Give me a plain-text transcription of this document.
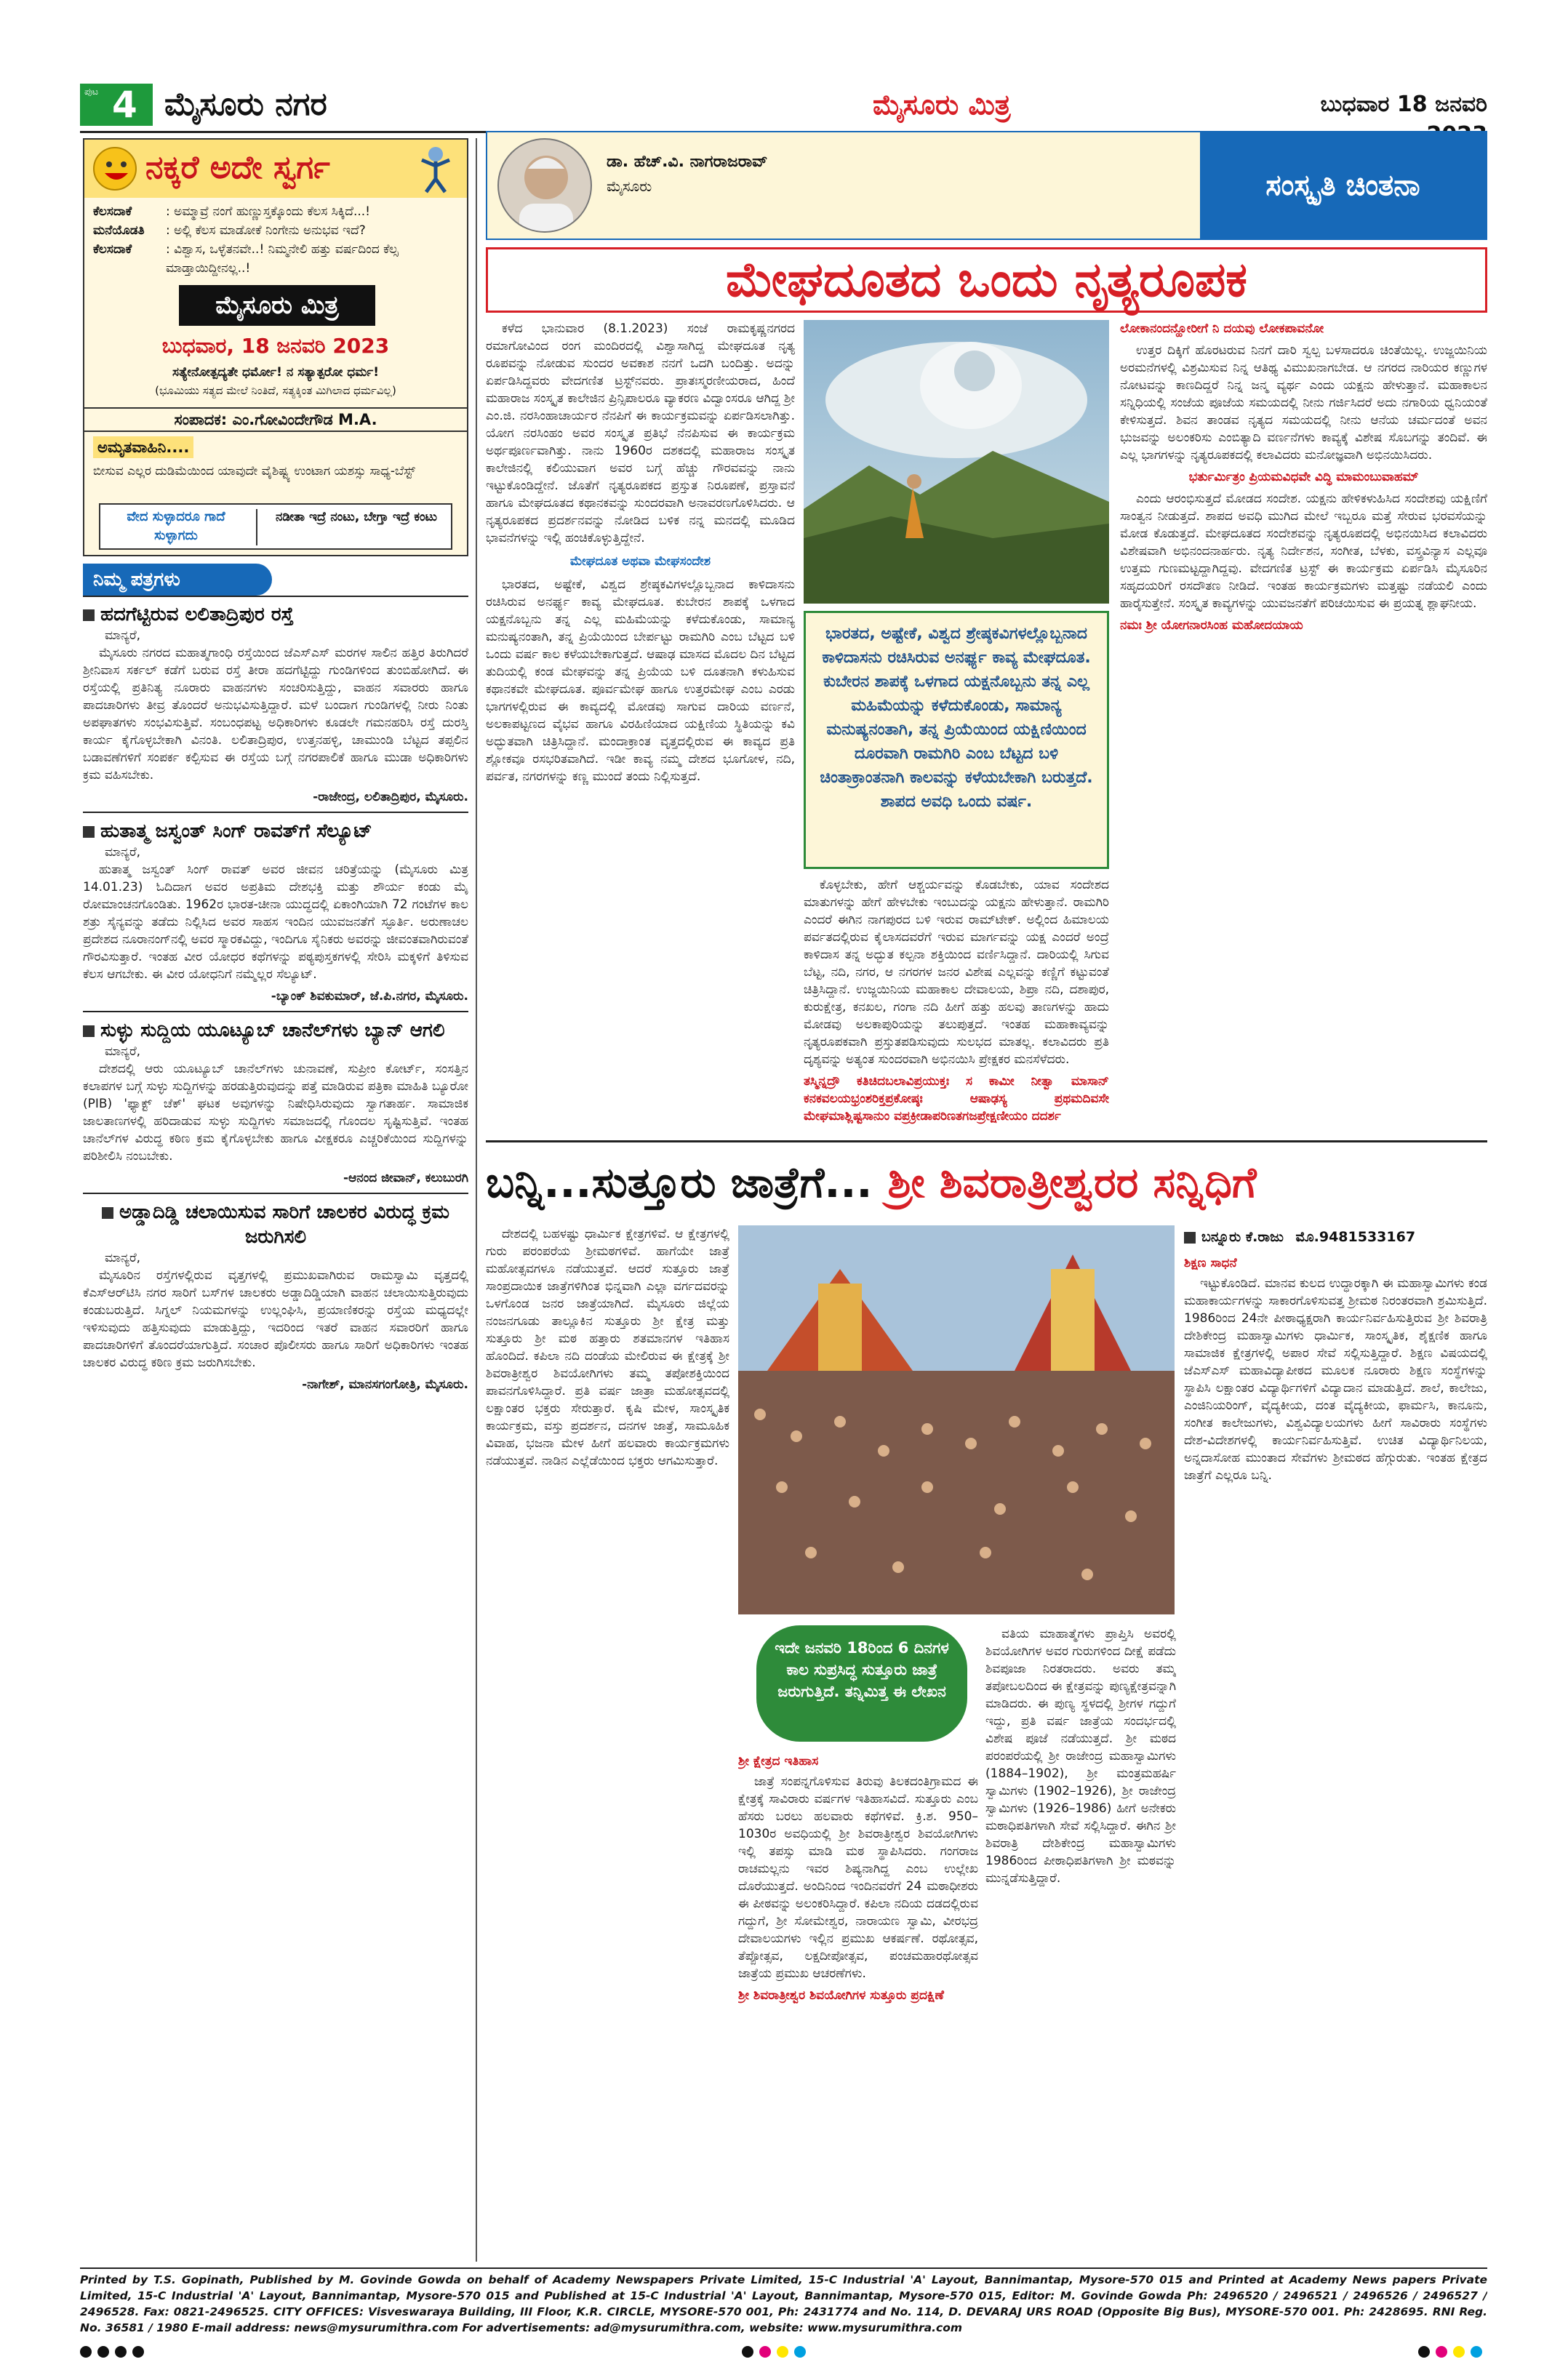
ಪುಟ 4 ಮೈಸೂರು ನಗರ	ಮೈಸೂರು ಮಿತ್ರ	ಬುಧವಾರ 18 ಜನವರಿ
ನಕ್ಕರೆ ಅದೇ ಸ್ವರ್ಗ
ಕೆಲಸದಾಕೆ	: ಅಮ್ಮಾವ್ರೆ ನಂಗೆ ಹುಣ್ಣುಸ್ತಕ್ಕೊಂದು ಕೆಲಸ ಸಿಕ್ಕಿದೆ...!
ಮನೆಯೊಡತಿ	: ಅಲ್ಲಿ ಕೆಲಸ ಮಾಡೋಕೆ ನಿಂಗೇನು ಅನುಭವ ಇದೆ?
ಕೆಲಸದಾಕೆ	: ವಿಶ್ವಾಸ, ಒಳ್ಳೆತನವೇ..! ನಿಮ್ಮನೇಲಿ ಹತ್ತು ವರ್ಷದಿಂದ ಕೆಲ್ಸ ಮಾಡ್ತಾಯಿದ್ದೀನಲ್ಲ..!
ಮೈಸೂರು ಮಿತ್ರ
ಬುಧವಾರ, 18 ಜನವರಿ 2023
ಸತ್ಯೇನೋತ್ಪದ್ಯತೇ ಧರ್ಮೋ! ನ ಸತ್ಯಾತ್ಪರೋ ಧರ್ಮ!
(ಭೂಮಿಯು ಸತ್ಯದ ಮೇಲೆ ನಿಂತಿದೆ, ಸತ್ಯಕ್ಕಿಂತ ಮಿಗಿಲಾದ ಧರ್ಮವಿಲ್ಲ)
ಸಂಪಾದಕ: ಎಂ.ಗೋವಿಂದೇಗೌಡ M.A.
ಅಮೃತವಾಹಿನಿ....
ಬೀಸುವ ಎಲ್ಲರ ದುಡಿಮೆಯಿಂದ ಯಾವುದೇ ವೈಶಿಷ್ಟ್ಯ ಉಂಟಾಗ ಯಶಸ್ಸು ಸಾಧ್ಯ-ಬೆಸ್ಟ್
ವೇದ ಸುಳ್ಳಾದರೂ ಗಾದೆ ಸುಳ್ಳಾಗದು
ನಡೀತಾ ಇದ್ರೆ ನಂಟು, ಬೇಗ್ತಾ ಇದ್ರೆ ಕಂಟು
ನಿಮ್ಮ ಪತ್ರಗಳು
ಹದಗೆಟ್ಟಿರುವ ಲಲಿತಾದ್ರಿಪುರ ರಸ್ತೆ
ಮಾನ್ಯರೆ,

ಮೈಸೂರು ನಗರದ ಮಹಾತ್ಮಗಾಂಧಿ ರಸ್ತೆಯಿಂದ ಜೆಎಸ್ಎಸ್ ಮರಗಳ ಸಾಲಿನ ಹತ್ತಿರ ತಿರುಗಿದರೆ ಶ್ರೀನಿವಾಸ ಸರ್ಕಲ್ ಕಡೆಗೆ ಬರುವ ರಸ್ತೆ ತೀರಾ ಹದಗೆಟ್ಟಿದ್ದು ಗುಂಡಿಗಳಿಂದ ತುಂಬಿಹೋಗಿದೆ. ಈ ರಸ್ತೆಯಲ್ಲಿ ಪ್ರತಿನಿತ್ಯ ನೂರಾರು ವಾಹನಗಳು ಸಂಚರಿಸುತ್ತಿದ್ದು, ವಾಹನ ಸವಾರರು ಹಾಗೂ ಪಾದಚಾರಿಗಳು ತೀವ್ರ ತೊಂದರೆ ಅನುಭವಿಸುತ್ತಿದ್ದಾರೆ. ಮಳೆ ಬಂದಾಗ ಗುಂಡಿಗಳಲ್ಲಿ ನೀರು ನಿಂತು ಅಪಘಾತಗಳು ಸಂಭವಿಸುತ್ತಿವೆ. ಸಂಬಂಧಪಟ್ಟ ಅಧಿಕಾರಿಗಳು ಕೂಡಲೇ ಗಮನಹರಿಸಿ ರಸ್ತೆ ದುರಸ್ತಿ ಕಾರ್ಯ ಕೈಗೊಳ್ಳಬೇಕಾಗಿ ವಿನಂತಿ. ಲಲಿತಾದ್ರಿಪುರ, ಉತ್ತನಹಳ್ಳಿ, ಚಾಮುಂಡಿ ಬೆಟ್ಟದ ತಪ್ಪಲಿನ ಬಡಾವಣೆಗಳಿಗೆ ಸಂಪರ್ಕ ಕಲ್ಪಿಸುವ ಈ ರಸ್ತೆಯ ಬಗ್ಗೆ ನಗರಪಾಲಿಕೆ ಹಾಗೂ ಮುಡಾ ಅಧಿಕಾರಿಗಳು ಕ್ರಮ ವಹಿಸಬೇಕು.

-ರಾಜೇಂದ್ರ, ಲಲಿತಾದ್ರಿಪುರ, ಮೈಸೂರು.
ಹುತಾತ್ಮ ಜಸ್ವಂತ್ ಸಿಂಗ್ ರಾವತ್‌ಗೆ ಸೆಲ್ಯೂಟ್
ಮಾನ್ಯರೆ,

ಹುತಾತ್ಮ ಜಸ್ವಂತ್ ಸಿಂಗ್ ರಾವತ್ ಅವರ ಜೀವನ ಚರಿತ್ರೆಯನ್ನು (ಮೈಸೂರು ಮಿತ್ರ 14.01.23) ಓದಿದಾಗ ಅವರ ಅಪ್ರತಿಮ ದೇಶಭಕ್ತಿ ಮತ್ತು ಶೌರ್ಯ ಕಂಡು ಮೈ ರೋಮಾಂಚನಗೊಂಡಿತು. 1962ರ ಭಾರತ-ಚೀನಾ ಯುದ್ಧದಲ್ಲಿ ಏಕಾಂಗಿಯಾಗಿ 72 ಗಂಟೆಗಳ ಕಾಲ ಶತ್ರು ಸೈನ್ಯವನ್ನು ತಡೆದು ನಿಲ್ಲಿಸಿದ ಅವರ ಸಾಹಸ ಇಂದಿನ ಯುವಜನತೆಗೆ ಸ್ಫೂರ್ತಿ. ಅರುಣಾಚಲ ಪ್ರದೇಶದ ನೂರಾನಂಗ್‌ನಲ್ಲಿ ಅವರ ಸ್ಮಾರಕವಿದ್ದು, ಇಂದಿಗೂ ಸೈನಿಕರು ಅವರನ್ನು ಜೀವಂತವಾಗಿರುವಂತೆ ಗೌರವಿಸುತ್ತಾರೆ. ಇಂತಹ ವೀರ ಯೋಧರ ಕಥೆಗಳನ್ನು ಪಠ್ಯಪುಸ್ತಕಗಳಲ್ಲಿ ಸೇರಿಸಿ ಮಕ್ಕಳಿಗೆ ತಿಳಿಸುವ ಕೆಲಸ ಆಗಬೇಕು. ಈ ವೀರ ಯೋಧನಿಗೆ ನಮ್ಮೆಲ್ಲರ ಸೆಲ್ಯೂಟ್.

-ಬ್ಯಾಂಕ್ ಶಿವಕುಮಾರ್, ಜೆ.ಪಿ.ನಗರ, ಮೈಸೂರು.
ಸುಳ್ಳು ಸುದ್ದಿಯ ಯೂಟ್ಯೂಬ್ ಚಾನೆಲ್‌ಗಳು ಬ್ಯಾನ್ ಆಗಲಿ
ಮಾನ್ಯರೆ,

ದೇಶದಲ್ಲಿ ಆರು ಯೂಟ್ಯೂಬ್ ಚಾನೆಲ್‌ಗಳು ಚುನಾವಣೆ, ಸುಪ್ರೀಂ ಕೋರ್ಟ್, ಸಂಸತ್ತಿನ ಕಲಾಪಗಳ ಬಗ್ಗೆ ಸುಳ್ಳು ಸುದ್ದಿಗಳನ್ನು ಹರಡುತ್ತಿರುವುದನ್ನು ಪತ್ತೆ ಮಾಡಿರುವ ಪತ್ರಿಕಾ ಮಾಹಿತಿ ಬ್ಯೂರೋ (PIB) 'ಫ್ಯಾಕ್ಟ್ ಚೆಕ್' ಘಟಕ ಅವುಗಳನ್ನು ನಿಷೇಧಿಸಿರುವುದು ಸ್ವಾಗತಾರ್ಹ. ಸಾಮಾಜಿಕ ಜಾಲತಾಣಗಳಲ್ಲಿ ಹರಿದಾಡುವ ಸುಳ್ಳು ಸುದ್ದಿಗಳು ಸಮಾಜದಲ್ಲಿ ಗೊಂದಲ ಸೃಷ್ಟಿಸುತ್ತಿವೆ. ಇಂತಹ ಚಾನೆಲ್‌ಗಳ ವಿರುದ್ಧ ಕಠಿಣ ಕ್ರಮ ಕೈಗೊಳ್ಳಬೇಕು ಹಾಗೂ ವೀಕ್ಷಕರೂ ಎಚ್ಚರಿಕೆಯಿಂದ ಸುದ್ದಿಗಳನ್ನು ಪರಿಶೀಲಿಸಿ ನಂಬಬೇಕು.

-ಆನಂದ ಜೀವಾನ್, ಕಲುಬುರಗಿ
ಅಡ್ಡಾದಿಡ್ಡಿ ಚಲಾಯಿಸುವ ಸಾರಿಗೆ ಚಾಲಕರ ವಿರುದ್ಧ ಕ್ರಮ ಜರುಗಿಸಲಿ
ಮಾನ್ಯರೆ,

ಮೈಸೂರಿನ ರಸ್ತೆಗಳಲ್ಲಿರುವ ವೃತ್ತಗಳಲ್ಲಿ ಪ್ರಮುಖವಾಗಿರುವ ರಾಮಸ್ವಾಮಿ ವೃತ್ತದಲ್ಲಿ ಕೆಎಸ್‌ಆರ್‌ಟಿಸಿ ನಗರ ಸಾರಿಗೆ ಬಸ್‌ಗಳ ಚಾಲಕರು ಅಡ್ಡಾದಿಡ್ಡಿಯಾಗಿ ವಾಹನ ಚಲಾಯಿಸುತ್ತಿರುವುದು ಕಂಡುಬರುತ್ತಿದೆ. ಸಿಗ್ನಲ್ ನಿಯಮಗಳನ್ನು ಉಲ್ಲಂಘಿಸಿ, ಪ್ರಯಾಣಿಕರನ್ನು ರಸ್ತೆಯ ಮಧ್ಯದಲ್ಲೇ ಇಳಿಸುವುದು ಹತ್ತಿಸುವುದು ಮಾಡುತ್ತಿದ್ದು, ಇದರಿಂದ ಇತರೆ ವಾಹನ ಸವಾರರಿಗೆ ಹಾಗೂ ಪಾದಚಾರಿಗಳಿಗೆ ತೊಂದರೆಯಾಗುತ್ತಿದೆ. ಸಂಚಾರ ಪೊಲೀಸರು ಹಾಗೂ ಸಾರಿಗೆ ಅಧಿಕಾರಿಗಳು ಇಂತಹ ಚಾಲಕರ ವಿರುದ್ಧ ಕಠಿಣ ಕ್ರಮ ಜರುಗಿಸಬೇಕು.

-ನಾಗೇಶ್, ಮಾನಸಗಂಗೋತ್ರಿ, ಮೈಸೂರು.
ಡಾ. ಹೆಚ್.ವಿ. ನಾಗರಾಜರಾವ್
ಮೈಸೂರು	ಸಂಸ್ಕೃತಿ ಚಿಂತನಾ
ಮೇಘದೂತದ ಒಂದು ನೃತ್ಯರೂಪಕ

ಕಳೆದ ಭಾನುವಾರ (8.1.2023) ಸಂಜೆ ರಾಮಕೃಷ್ಣನಗರದ ರಮಾಗೋವಿಂದ ರಂಗ ಮಂದಿರದಲ್ಲಿ ವಿಶ್ವಾಸಾಗಿದ್ದ ಮೇಘದೂತ ನೃತ್ಯ ರೂಪವನ್ನು ನೋಡುವ ಸುಂದರ ಅವಕಾಶ ನನಗೆ ಒದಗಿ ಬಂದಿತ್ತು. ಅದನ್ನು ಏರ್ಪಡಿಸಿದ್ದವರು ವೇದಗಣಿತ ಟ್ರಸ್ಟ್‌ನವರು. ಪ್ರಾತಃಸ್ಮರಣೀಯರಾದ, ಹಿಂದೆ ಮಹಾರಾಜ ಸಂಸ್ಕೃತ ಕಾಲೇಜಿನ ಪ್ರಿನ್ಸಿಪಾಲರೂ ವ್ಯಾಕರಣ ವಿದ್ವಾಂಸರೂ ಆಗಿದ್ದ ಶ್ರೀ ಎಂ.ಜಿ. ನರಸಿಂಹಾಚಾರ್ಯರ ನೆನಪಿಗೆ ಈ ಕಾರ್ಯಕ್ರಮವನ್ನು ಏರ್ಪಡಿಸಲಾಗಿತ್ತು. ಯೋಗ ನರಸಿಂಹಂ ಅವರ ಸಂಸ್ಕೃತ ಪ್ರತಿಭೆ ನೆನಪಿಸುವ ಈ ಕಾರ್ಯಕ್ರಮ ಅರ್ಥಪೂರ್ಣವಾಗಿತ್ತು. ನಾನು 1960ರ ದಶಕದಲ್ಲಿ ಮಹಾರಾಜ ಸಂಸ್ಕೃತ ಕಾಲೇಜಿನಲ್ಲಿ ಕಲಿಯುವಾಗ ಅವರ ಬಗ್ಗೆ ಹೆಚ್ಚು ಗೌರವವನ್ನು ನಾನು ಇಟ್ಟುಕೊಂಡಿದ್ದೇನೆ. ಜೊತೆಗೆ ನೃತ್ಯರೂಪಕದ ಪ್ರಸ್ತುತ ನಿರೂಪಣೆ, ಪ್ರಸ್ತಾವನೆ ಹಾಗೂ ಮೇಘದೂತದ ಕಥಾನಕವನ್ನು ಸುಂದರವಾಗಿ ಅನಾವರಣಗೊಳಿಸಿದರು. ಆ ನೃತ್ಯರೂಪಕದ ಪ್ರದರ್ಶನವನ್ನು ನೋಡಿದ ಬಳಿಕ ನನ್ನ ಮನದಲ್ಲಿ ಮೂಡಿದ ಭಾವನೆಗಳನ್ನು ಇಲ್ಲಿ ಹಂಚಿಕೊಳ್ಳುತ್ತಿದ್ದೇನೆ.

ಮೇಘದೂತ ಅಥವಾ ಮೇಘಸಂದೇಶ

ಭಾರತದ, ಅಷ್ಟೇಕೆ, ವಿಶ್ವದ ಶ್ರೇಷ್ಠಕವಿಗಳಲ್ಲೊಬ್ಬನಾದ ಕಾಳಿದಾಸನು ರಚಿಸಿರುವ ಅನರ್ಘ್ಯ ಕಾವ್ಯ ಮೇಘದೂತ. ಕುಬೇರನ ಶಾಪಕ್ಕೆ ಒಳಗಾದ ಯಕ್ಷನೊಬ್ಬನು ತನ್ನ ಎಲ್ಲ ಮಹಿಮೆಯನ್ನು ಕಳೆದುಕೊಂಡು, ಸಾಮಾನ್ಯ ಮನುಷ್ಯನಂತಾಗಿ, ತನ್ನ ಪ್ರಿಯೆಯಿಂದ ಬೇರ್ಪಟ್ಟು ರಾಮಗಿರಿ ಎಂಬ ಬೆಟ್ಟದ ಬಳಿ ಒಂದು ವರ್ಷ ಕಾಲ ಕಳೆಯಬೇಕಾಗುತ್ತದೆ. ಆಷಾಢ ಮಾಸದ ಮೊದಲ ದಿನ ಬೆಟ್ಟದ ತುದಿಯಲ್ಲಿ ಕಂಡ ಮೇಘವನ್ನು ತನ್ನ ಪ್ರಿಯೆಯ ಬಳಿ ದೂತನಾಗಿ ಕಳುಹಿಸುವ ಕಥಾನಕವೇ ಮೇಘದೂತ. ಪೂರ್ವಮೇಘ ಹಾಗೂ ಉತ್ತರಮೇಘ ಎಂಬ ಎರಡು ಭಾಗಗಳಲ್ಲಿರುವ ಈ ಕಾವ್ಯದಲ್ಲಿ ಮೋಡವು ಸಾಗುವ ದಾರಿಯ ವರ್ಣನೆ, ಅಲಕಾಪಟ್ಟಣದ ವೈಭವ ಹಾಗೂ ವಿರಹಿಣಿಯಾದ ಯಕ್ಷಿಣಿಯ ಸ್ಥಿತಿಯನ್ನು ಕವಿ ಅದ್ಭುತವಾಗಿ ಚಿತ್ರಿಸಿದ್ದಾನೆ. ಮಂದಾಕ್ರಾಂತ ವೃತ್ತದಲ್ಲಿರುವ ಈ ಕಾವ್ಯದ ಪ್ರತಿ ಶ್ಲೋಕವೂ ರಸಭರಿತವಾಗಿದೆ. ಇಡೀ ಕಾವ್ಯ ನಮ್ಮ ದೇಶದ ಭೂಗೋಳ, ನದಿ, ಪರ್ವತ, ನಗರಗಳನ್ನು ಕಣ್ಣ ಮುಂದೆ ತಂದು ನಿಲ್ಲಿಸುತ್ತದೆ.

ಭಾರತದ, ಅಷ್ಟೇಕೆ, ವಿಶ್ವದ ಶ್ರೇಷ್ಠಕವಿಗಳಲ್ಲೊಬ್ಬನಾದ ಕಾಳಿದಾಸನು ರಚಿಸಿರುವ ಅನರ್ಘ್ಯ ಕಾವ್ಯ ಮೇಘದೂತ. ಕುಬೇರನ ಶಾಪಕ್ಕೆ ಒಳಗಾದ ಯಕ್ಷನೊಬ್ಬನು ತನ್ನ ಎಲ್ಲ ಮಹಿಮೆಯನ್ನು ಕಳೆದುಕೊಂಡು, ಸಾಮಾನ್ಯ ಮನುಷ್ಯನಂತಾಗಿ, ತನ್ನ ಪ್ರಿಯೆಯಿಂದ ಯಕ್ಷಿಣಿಯಿಂದ ದೂರವಾಗಿ ರಾಮಗಿರಿ ಎಂಬ ಬೆಟ್ಟದ ಬಳಿ ಚಿಂತಾಕ್ರಾಂತನಾಗಿ ಕಾಲವನ್ನು ಕಳೆಯಬೇಕಾಗಿ ಬರುತ್ತದೆ. ಶಾಪದ ಅವಧಿ ಒಂದು ವರ್ಷ.

ಕೊಳ್ಳಬೇಕು, ಹೇಗೆ ಆಶ್ಚರ್ಯವನ್ನು ಕೊಡಬೇಕು, ಯಾವ ಸಂದೇಶದ ಮಾತುಗಳನ್ನು ಹೇಗೆ ಹೇಳಬೇಕು ಇಂಬುದನ್ನು ಯಕ್ಷನು ಹೇಳುತ್ತಾನೆ. ರಾಮಗಿರಿ ಎಂದರೆ ಈಗಿನ ನಾಗಪುರದ ಬಳಿ ಇರುವ ರಾಮ್‌ಟೇಕ್. ಅಲ್ಲಿಂದ ಹಿಮಾಲಯ ಪರ್ವತದಲ್ಲಿರುವ ಕೈಲಾಸದವರೆಗೆ ಇರುವ ಮಾರ್ಗವನ್ನು ಯಕ್ಷ ಎಂದರೆ ಅಂದ್ರೆ ಕಾಳಿದಾಸ ತನ್ನ ಅದ್ಭುತ ಕಲ್ಪನಾ ಶಕ್ತಿಯಿಂದ ವರ್ಣಿಸಿದ್ದಾನೆ. ದಾರಿಯಲ್ಲಿ ಸಿಗುವ ಬೆಟ್ಟ, ನದಿ, ನಗರ, ಆ ನಗರಗಳ ಜನರ ವಿಶೇಷ ಎಲ್ಲವನ್ನು ಕಣ್ಣಿಗೆ ಕಟ್ಟುವಂತೆ ಚಿತ್ರಿಸಿದ್ದಾನೆ. ಉಜ್ಜಯಿನಿಯ ಮಹಾಕಾಲ ದೇವಾಲಯ, ಶಿಪ್ರಾ ನದಿ, ದಶಾಪುರ, ಕುರುಕ್ಷೇತ್ರ, ಕನಖಲ, ಗಂಗಾ ನದಿ ಹೀಗೆ ಹತ್ತು ಹಲವು ತಾಣಗಳನ್ನು ಹಾದು ಮೋಡವು ಅಲಕಾಪುರಿಯನ್ನು ತಲುಪುತ್ತದೆ. ಇಂತಹ ಮಹಾಕಾವ್ಯವನ್ನು ನೃತ್ಯರೂಪಕವಾಗಿ ಪ್ರಸ್ತುತಪಡಿಸುವುದು ಸುಲಭದ ಮಾತಲ್ಲ. ಕಲಾವಿದರು ಪ್ರತಿ ದೃಶ್ಯವನ್ನು ಅತ್ಯಂತ ಸುಂದರವಾಗಿ ಅಭಿನಯಿಸಿ ಪ್ರೇಕ್ಷಕರ ಮನಸೆಳೆದರು.

ತಸ್ಮಿನ್ನದ್ರೌ ಕತಿಚಿದಬಲಾವಿಪ್ರಯುಕ್ತಃ ಸ ಕಾಮೀ ನೀತ್ವಾ ಮಾಸಾನ್ ಕನಕವಲಯಭ್ರಂಶರಿಕ್ತಪ್ರಕೋಷ್ಠಃ ಆಷಾಢಸ್ಯ ಪ್ರಥಮದಿವಸೇ ಮೇಘಮಾಶ್ಲಿಷ್ಟಸಾನುಂ ವಪ್ರಕ್ರೀಡಾಪರಿಣತಗಜಪ್ರೇಕ್ಷಣೀಯಂ ದದರ್ಶ
ಲೋಕಾನಂದನ್ಹೋರೀಗೆ ನಿ ದಯವು ಲೋಕಪಾವನೋ

ಉತ್ತರ ದಿಕ್ಕಿಗೆ ಹೊರಟರುವ ನಿನಗೆ ದಾರಿ ಸ್ವಲ್ಪ ಬಳಸಾದರೂ ಚಿಂತೆಯಿಲ್ಲ. ಉಜ್ಜಯಿನಿಯ ಅರಮನೆಗಳಲ್ಲಿ ವಿಶ್ರಮಿಸುವ ನಿನ್ನ ಆತಿಥ್ಯ ವಿಮುಖನಾಗಬೇಡ. ಆ ನಗರದ ನಾರಿಯರ ಕಣ್ಣುಗಳ ನೋಟವನ್ನು ಕಾಣದಿದ್ದರೆ ನಿನ್ನ ಜನ್ಮ ವ್ಯರ್ಥ ಎಂದು ಯಕ್ಷನು ಹೇಳುತ್ತಾನೆ. ಮಹಾಕಾಲನ ಸನ್ನಿಧಿಯಲ್ಲಿ ಸಂಜೆಯ ಪೂಜೆಯ ಸಮಯದಲ್ಲಿ ನೀನು ಗರ್ಜಿಸಿದರೆ ಅದು ನಗಾರಿಯ ಧ್ವನಿಯಂತೆ ಕೇಳಿಸುತ್ತದೆ. ಶಿವನ ತಾಂಡವ ನೃತ್ಯದ ಸಮಯದಲ್ಲಿ ನೀನು ಆನೆಯ ಚರ್ಮದಂತೆ ಅವನ ಭುಜವನ್ನು ಅಲಂಕರಿಸು ಎಂಬಿತ್ಯಾದಿ ವರ್ಣನೆಗಳು ಕಾವ್ಯಕ್ಕೆ ವಿಶೇಷ ಸೊಬಗನ್ನು ತಂದಿವೆ. ಈ ಎಲ್ಲ ಭಾಗಗಳನ್ನು ನೃತ್ಯರೂಪಕದಲ್ಲಿ ಕಲಾವಿದರು ಮನೋಜ್ಞವಾಗಿ ಅಭಿನಯಿಸಿದರು.

ಭರ್ತುರ್ಮಿತ್ರಂ ಪ್ರಿಯಮವಿಧವೇ ವಿದ್ಧಿ ಮಾಮಂಬುವಾಹಮ್

ಎಂದು ಆರಂಭಿಸುತ್ತದೆ ಮೋಡದ ಸಂದೇಶ. ಯಕ್ಷನು ಹೇಳಿಕಳುಹಿಸಿದ ಸಂದೇಶವು ಯಕ್ಷಿಣಿಗೆ ಸಾಂತ್ವನ ನೀಡುತ್ತದೆ. ಶಾಪದ ಅವಧಿ ಮುಗಿದ ಮೇಲೆ ಇಬ್ಬರೂ ಮತ್ತೆ ಸೇರುವ ಭರವಸೆಯನ್ನು ಮೋಡ ಕೊಡುತ್ತದೆ. ಮೇಘದೂತದ ಸಂದೇಶವನ್ನು ನೃತ್ಯರೂಪದಲ್ಲಿ ಅಭಿನಯಿಸಿದ ಕಲಾವಿದರು ವಿಶೇಷವಾಗಿ ಅಭಿನಂದನಾರ್ಹರು. ನೃತ್ಯ ನಿರ್ದೇಶನ, ಸಂಗೀತ, ಬೆಳಕು, ವಸ್ತ್ರವಿನ್ಯಾಸ ಎಲ್ಲವೂ ಉತ್ತಮ ಗುಣಮಟ್ಟದ್ದಾಗಿದ್ದವು. ವೇದಗಣಿತ ಟ್ರಸ್ಟ್ ಈ ಕಾರ್ಯಕ್ರಮ ಏರ್ಪಡಿಸಿ ಮೈಸೂರಿನ ಸಹೃದಯರಿಗೆ ರಸದೌತಣ ನೀಡಿದೆ. ಇಂತಹ ಕಾರ್ಯಕ್ರಮಗಳು ಮತ್ತಷ್ಟು ನಡೆಯಲಿ ಎಂದು ಹಾರೈಸುತ್ತೇನೆ. ಸಂಸ್ಕೃತ ಕಾವ್ಯಗಳನ್ನು ಯುವಜನತೆಗೆ ಪರಿಚಯಿಸುವ ಈ ಪ್ರಯತ್ನ ಶ್ಲಾಘನೀಯ.

ನಮಃ ಶ್ರೀ ಯೋಗನಾರಸಿಂಹ ಮಹೋದಯಾಯ
ಬನ್ನಿ...ಸುತ್ತೂರು ಜಾತ್ರೆಗೆ... ಶ್ರೀ ಶಿವರಾತ್ರೀಶ್ವರರ ಸನ್ನಿಧಿಗೆ

ದೇಶದಲ್ಲಿ ಬಹಳಷ್ಟು ಧಾರ್ಮಿಕ ಕ್ಷೇತ್ರಗಳಿವೆ. ಆ ಕ್ಷೇತ್ರಗಳಲ್ಲಿ ಗುರು ಪರಂಪರೆಯ ಶ್ರೀಮಠಗಳಿವೆ. ಹಾಗೆಯೇ ಜಾತ್ರೆ ಮಹೋತ್ಸವಗಳೂ ನಡೆಯುತ್ತವೆ. ಆದರೆ ಸುತ್ತೂರು ಜಾತ್ರೆ ಸಾಂಪ್ರದಾಯಿಕ ಜಾತ್ರೆಗಳಿಗಿಂತ ಭಿನ್ನವಾಗಿ ಎಲ್ಲಾ ವರ್ಗದವರನ್ನು ಒಳಗೊಂಡ ಜನರ ಜಾತ್ರೆಯಾಗಿದೆ. ಮೈಸೂರು ಜಿಲ್ಲೆಯ ನಂಜನಗೂಡು ತಾಲ್ಲೂಕಿನ ಸುತ್ತೂರು ಶ್ರೀ ಕ್ಷೇತ್ರ ಮತ್ತು ಸುತ್ತೂರು ಶ್ರೀ ಮಠ ಹತ್ತಾರು ಶತಮಾನಗಳ ಇತಿಹಾಸ ಹೊಂದಿದೆ. ಕಪಿಲಾ ನದಿ ದಂಡೆಯ ಮೇಲಿರುವ ಈ ಕ್ಷೇತ್ರಕ್ಕೆ ಶ್ರೀ ಶಿವರಾತ್ರೀಶ್ವರ ಶಿವಯೋಗಿಗಳು ತಮ್ಮ ತಪೋಶಕ್ತಿಯಿಂದ ಪಾವನಗೊಳಿಸಿದ್ದಾರೆ. ಪ್ರತಿ ವರ್ಷ ಜಾತ್ರಾ ಮಹೋತ್ಸವದಲ್ಲಿ ಲಕ್ಷಾಂತರ ಭಕ್ತರು ಸೇರುತ್ತಾರೆ. ಕೃಷಿ ಮೇಳ, ಸಾಂಸ್ಕೃತಿಕ ಕಾರ್ಯಕ್ರಮ, ವಸ್ತು ಪ್ರದರ್ಶನ, ದನಗಳ ಜಾತ್ರೆ, ಸಾಮೂಹಿಕ ವಿವಾಹ, ಭಜನಾ ಮೇಳ ಹೀಗೆ ಹಲವಾರು ಕಾರ್ಯಕ್ರಮಗಳು ನಡೆಯುತ್ತವೆ. ನಾಡಿನ ಎಲ್ಲೆಡೆಯಿಂದ ಭಕ್ತರು ಆಗಮಿಸುತ್ತಾರೆ.

ಬನ್ನೂರು ಕೆ.ರಾಜು ಮೊ.9481533167
ಶಿಕ್ಷಣ ಸಾಧನೆ

ಇಟ್ಟುಕೊಂಡಿದೆ. ಮಾನವ ಕುಲದ ಉದ್ಧಾರಕ್ಕಾಗಿ ಈ ಮಹಾಸ್ವಾಮಿಗಳು ಕಂಡ ಮಹಾಕಾರ್ಯಗಳನ್ನು ಸಾಕಾರಗೊಳಿಸುವತ್ತ ಶ್ರೀಮಠ ನಿರಂತರವಾಗಿ ಶ್ರಮಿಸುತ್ತಿದೆ. 1986ರಿಂದ 24ನೇ ಪೀಠಾಧ್ಯಕ್ಷರಾಗಿ ಕಾರ್ಯನಿರ್ವಹಿಸುತ್ತಿರುವ ಶ್ರೀ ಶಿವರಾತ್ರಿ ದೇಶಿಕೇಂದ್ರ ಮಹಾಸ್ವಾಮಿಗಳು ಧಾರ್ಮಿಕ, ಸಾಂಸ್ಕೃತಿಕ, ಶೈಕ್ಷಣಿಕ ಹಾಗೂ ಸಾಮಾಜಿಕ ಕ್ಷೇತ್ರಗಳಲ್ಲಿ ಅಪಾರ ಸೇವೆ ಸಲ್ಲಿಸುತ್ತಿದ್ದಾರೆ. ಶಿಕ್ಷಣ ವಿಷಯದಲ್ಲಿ ಜೆಎಸ್ಎಸ್ ಮಹಾವಿದ್ಯಾಪೀಠದ ಮೂಲಕ ನೂರಾರು ಶಿಕ್ಷಣ ಸಂಸ್ಥೆಗಳನ್ನು ಸ್ಥಾಪಿಸಿ ಲಕ್ಷಾಂತರ ವಿದ್ಯಾರ್ಥಿಗಳಿಗೆ ವಿದ್ಯಾದಾನ ಮಾಡುತ್ತಿದೆ. ಶಾಲೆ, ಕಾಲೇಜು, ಎಂಜಿನಿಯರಿಂಗ್, ವೈದ್ಯಕೀಯ, ದಂತ ವೈದ್ಯಕೀಯ, ಫಾರ್ಮಸಿ, ಕಾನೂನು, ಸಂಗೀತ ಕಾಲೇಜುಗಳು, ವಿಶ್ವವಿದ್ಯಾಲಯಗಳು ಹೀಗೆ ಸಾವಿರಾರು ಸಂಸ್ಥೆಗಳು ದೇಶ-ವಿದೇಶಗಳಲ್ಲಿ ಕಾರ್ಯನಿರ್ವಹಿಸುತ್ತಿವೆ. ಉಚಿತ ವಿದ್ಯಾರ್ಥಿನಿಲಯ, ಅನ್ನದಾಸೋಹ ಮುಂತಾದ ಸೇವೆಗಳು ಶ್ರೀಮಠದ ಹೆಗ್ಗುರುತು. ಇಂತಹ ಕ್ಷೇತ್ರದ ಜಾತ್ರೆಗೆ ಎಲ್ಲರೂ ಬನ್ನಿ.

ಇದೇ ಜನವರಿ 18ರಿಂದ 6 ದಿನಗಳ ಕಾಲ ಸುಪ್ರಸಿದ್ಧ ಸುತ್ತೂರು ಜಾತ್ರೆ ಜರುಗುತ್ತಿದೆ. ತನ್ನಿಮಿತ್ತ ಈ ಲೇಖನ
ಶ್ರೀ ಕ್ಷೇತ್ರದ ಇತಿಹಾಸ

ಜಾತ್ರೆ ಸಂಪನ್ನಗೊಳಿಸುವ ತಿರುವು ತಿಲಕದಂತಿಗ್ರಾಮದ ಈ ಕ್ಷೇತ್ರಕ್ಕೆ ಸಾವಿರಾರು ವರ್ಷಗಳ ಇತಿಹಾಸವಿದೆ. ಸುತ್ತೂರು ಎಂಬ ಹೆಸರು ಬರಲು ಹಲವಾರು ಕಥೆಗಳಿವೆ. ಕ್ರಿ.ಶ. 950–1030ರ ಅವಧಿಯಲ್ಲಿ ಶ್ರೀ ಶಿವರಾತ್ರೀಶ್ವರ ಶಿವಯೋಗಿಗಳು ಇಲ್ಲಿ ತಪಸ್ಸು ಮಾಡಿ ಮಠ ಸ್ಥಾಪಿಸಿದರು. ಗಂಗರಾಜ ರಾಚಮಲ್ಲನು ಇವರ ಶಿಷ್ಯನಾಗಿದ್ದ ಎಂಬ ಉಲ್ಲೇಖ ದೊರೆಯುತ್ತದೆ. ಅಂದಿನಿಂದ ಇಂದಿನವರೆಗೆ 24 ಮಠಾಧೀಶರು ಈ ಪೀಠವನ್ನು ಅಲಂಕರಿಸಿದ್ದಾರೆ. ಕಪಿಲಾ ನದಿಯ ದಡದಲ್ಲಿರುವ ಗದ್ದುಗೆ, ಶ್ರೀ ಸೋಮೇಶ್ವರ, ನಾರಾಯಣ ಸ್ವಾಮಿ, ವೀರಭದ್ರ ದೇವಾಲಯಗಳು ಇಲ್ಲಿನ ಪ್ರಮುಖ ಆಕರ್ಷಣೆ. ರಥೋತ್ಸವ, ತೆಪ್ಪೋತ್ಸವ, ಲಕ್ಷದೀಪೋತ್ಸವ, ಪಂಚಮಹಾರಥೋತ್ಸವ ಜಾತ್ರೆಯ ಪ್ರಮುಖ ಆಚರಣೆಗಳು.

ಶ್ರೀ ಶಿವರಾತ್ರೀಶ್ವರ ಶಿವಯೋಗಿಗಳ ಸುತ್ತೂರು ಪ್ರದಕ್ಷಿಣೆ

ವತಿಯ ಮಾಹಾತ್ಮೆಗಳು ಪ್ರಾಪ್ತಿಸಿ ಅವರಲ್ಲಿ ಶಿವಯೋಗಿಗಳ ಅವರ ಗುರುಗಳಿಂದ ದೀಕ್ಷೆ ಪಡೆದು ಶಿವಪೂಜಾ ನಿರತರಾದರು. ಅವರು ತಮ್ಮ ತಪೋಬಲದಿಂದ ಈ ಕ್ಷೇತ್ರವನ್ನು ಪುಣ್ಯಕ್ಷೇತ್ರವನ್ನಾಗಿ ಮಾಡಿದರು. ಈ ಪುಣ್ಯ ಸ್ಥಳದಲ್ಲಿ ಶ್ರೀಗಳ ಗದ್ದುಗೆ ಇದ್ದು, ಪ್ರತಿ ವರ್ಷ ಜಾತ್ರೆಯ ಸಂದರ್ಭದಲ್ಲಿ ವಿಶೇಷ ಪೂಜೆ ನಡೆಯುತ್ತದೆ. ಶ್ರೀ ಮಠದ ಪರಂಪರೆಯಲ್ಲಿ ಶ್ರೀ ರಾಜೇಂದ್ರ ಮಹಾಸ್ವಾಮಿಗಳು (1884–1902), ಶ್ರೀ ಮಂತ್ರಮಹರ್ಷಿ ಸ್ವಾಮಿಗಳು (1902–1926), ಶ್ರೀ ರಾಜೇಂದ್ರ ಸ್ವಾಮಿಗಳು (1926–1986) ಹೀಗೆ ಅನೇಕರು ಮಠಾಧಿಪತಿಗಳಾಗಿ ಸೇವೆ ಸಲ್ಲಿಸಿದ್ದಾರೆ. ಈಗಿನ ಶ್ರೀ ಶಿವರಾತ್ರಿ ದೇಶಿಕೇಂದ್ರ ಮಹಾಸ್ವಾಮಿಗಳು 1986ರಿಂದ ಪೀಠಾಧಿಪತಿಗಳಾಗಿ ಶ್ರೀ ಮಠವನ್ನು ಮುನ್ನಡೆಸುತ್ತಿದ್ದಾರೆ.

Printed by T.S. Gopinath, Published by M. Govinde Gowda on behalf of Academy Newspapers Private Limited, 15-C Industrial 'A' Layout, Bannimantap, Mysore-570 015 and Printed at Academy News papers Private Limited, 15-C Industrial 'A' Layout, Bannimantap, Mysore-570 015 and Published at 15-C Industrial 'A' Layout, Bannimantap, Mysore-570 015, Editor: M. Govinde Gowda Ph: 2496520 / 2496521 / 2496526 / 2496527 / 2496528. Fax: 0821-2496525. CITY OFFICES: Visveswaraya Building, III Floor, K.R. CIRCLE, MYSORE-570 001, Ph: 2431774 and No. 114, D. DEVARAJ URS ROAD (Opposite Big Bus), MYSORE-570 001. Ph: 2428695. RNI Reg. No. 36581 / 1980 E-mail address: news@mysurumithra.com For advertisements: ad@mysurumithra.com, website: www.mysurumithra.com
